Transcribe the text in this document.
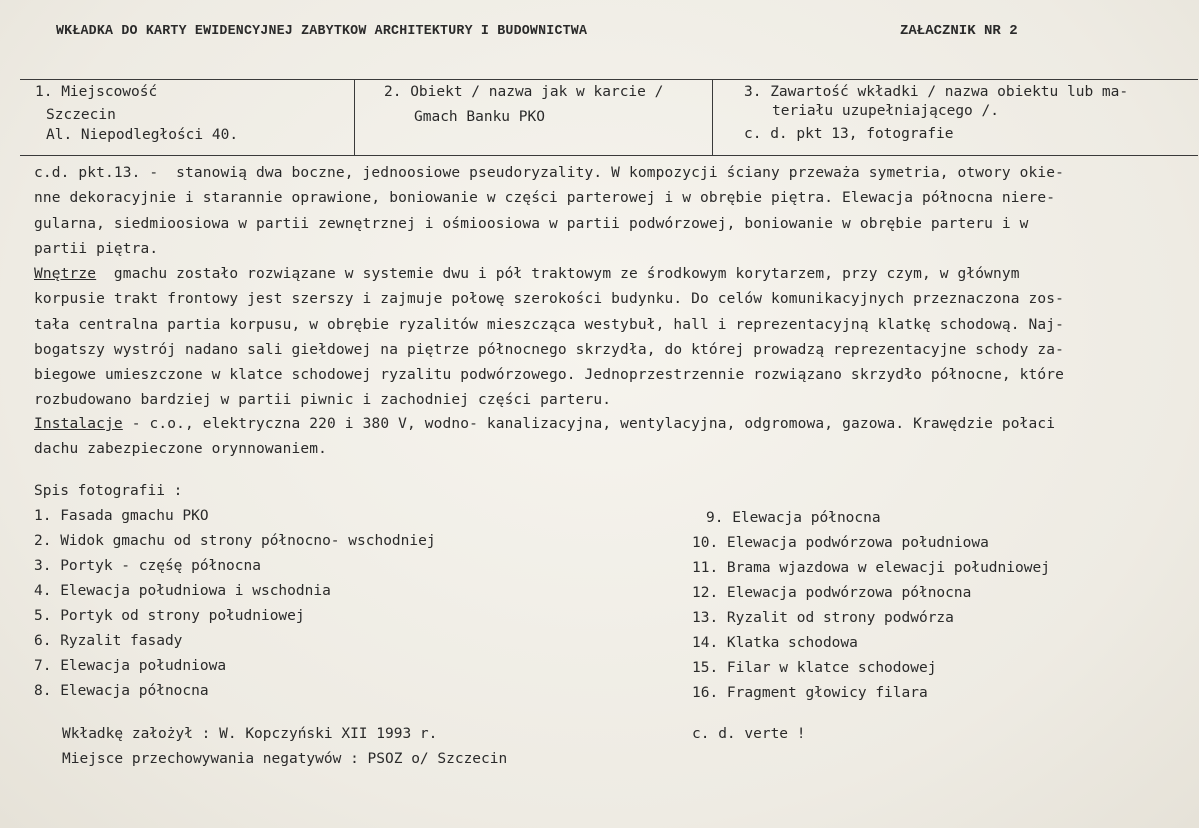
WKŁADKA DO KARTY EWIDENCYJNEJ ZABYTKOW ARCHITEKTURY I BUDOWNICTWA	ZAŁACZNIK NR 2
1. Miejscowość
Szczecin
Al. Niepodległości 40.
2. Obiekt / nazwa jak w karcie /
Gmach Banku PKO
3. Zawartość wkładki / nazwa obiektu lub ma-
teriału uzupełniającego /.
c. d. pkt 13, fotografie
c.d. pkt.13. -  stanowią dwa boczne, jednoosiowe pseudoryzality. W kompozycji ściany przeważa symetria, otwory okie-
nne dekoracyjnie i starannie oprawione, boniowanie w części parterowej i w obrębie piętra. Elewacja północna niere-
gularna, siedmioosiowa w partii zewnętrznej i ośmioosiowa w partii podwórzowej, boniowanie w obrębie parteru i w
partii piętra.
Wnętrze  gmachu zostało rozwiązane w systemie dwu i pół traktowym ze środkowym korytarzem, przy czym, w głównym
korpusie trakt frontowy jest szerszy i zajmuje połowę szerokości budynku. Do celów komunikacyjnych przeznaczona zos-
tała centralna partia korpusu, w obrębie ryzalitów mieszcząca westybuł, hall i reprezentacyjną klatkę schodową. Naj-
bogatszy wystrój nadano sali giełdowej na piętrze północnego skrzydła, do której prowadzą reprezentacyjne schody za-
biegowe umieszczone w klatce schodowej ryzalitu podwórzowego. Jednoprzestrzennie rozwiązano skrzydło północne, które
rozbudowano bardziej w partii piwnic i zachodniej części parteru.
Instalacje - c.o., elektryczna 220 i 380 V, wodno- kanalizacyjna, wentylacyjna, odgromowa, gazowa. Krawędzie połaci
dachu zabezpieczone orynnowaniem.
Spis fotografii :
1. Fasada gmachu PKO
2. Widok gmachu od strony północno- wschodniej
3. Portyk - częśę północna
4. Elewacja południowa i wschodnia
5. Portyk od strony południowej
6. Ryzalit fasady
7. Elewacja południowa
8. Elewacja północna
9. Elewacja północna
10. Elewacja podwórzowa południowa
11. Brama wjazdowa w elewacji południowej
12. Elewacja podwórzowa północna
13. Ryzalit od strony podwórza
14. Klatka schodowa
15. Filar w klatce schodowej
16. Fragment głowicy filara
Wkładkę założył : W. Kopczyński XII 1993 r.
Miejsce przechowywania negatywów : PSOZ o/ Szczecin
c. d. verte !
